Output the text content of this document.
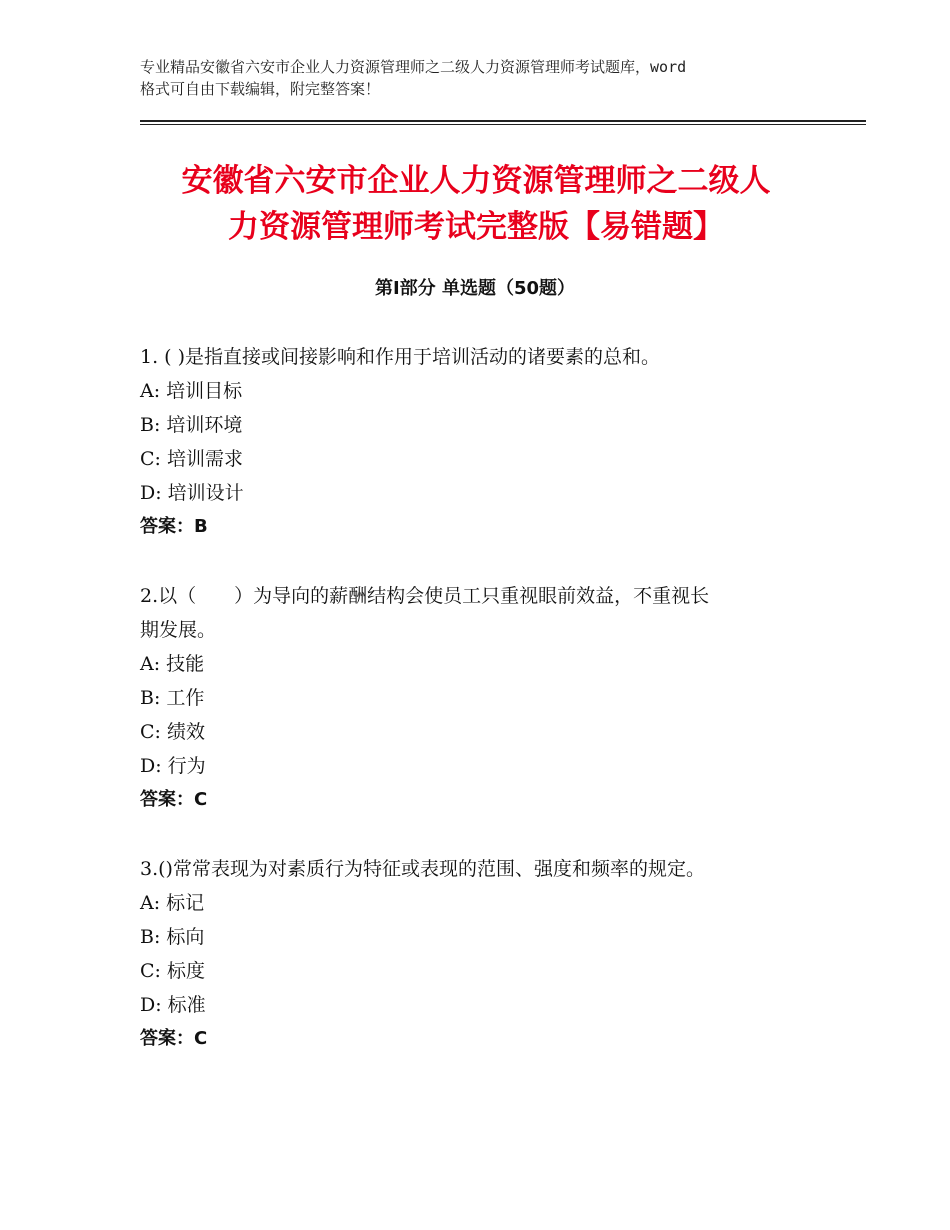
专业精品安徽省六安市企业人力资源管理师之二级人力资源管理师考试题库，word
格式可自由下载编辑，附完整答案！
安徽省六安市企业人力资源管理师之二级人
力资源管理师考试完整版【易错题】
第Ⅰ部分 单选题（50题）
1. ( )是指直接或间接影响和作用于培训活动的诸要素的总和。
A: 培训目标
B: 培训环境
C: 培训需求
D: 培训设计
答案：B
2.以（　　）为导向的薪酬结构会使员工只重视眼前效益，不重视长
期发展。
A: 技能
B: 工作
C: 绩效
D: 行为
答案：C
3.()常常表现为对素质行为特征或表现的范围、强度和频率的规定。
A: 标记
B: 标向
C: 标度
D: 标准
答案：C
